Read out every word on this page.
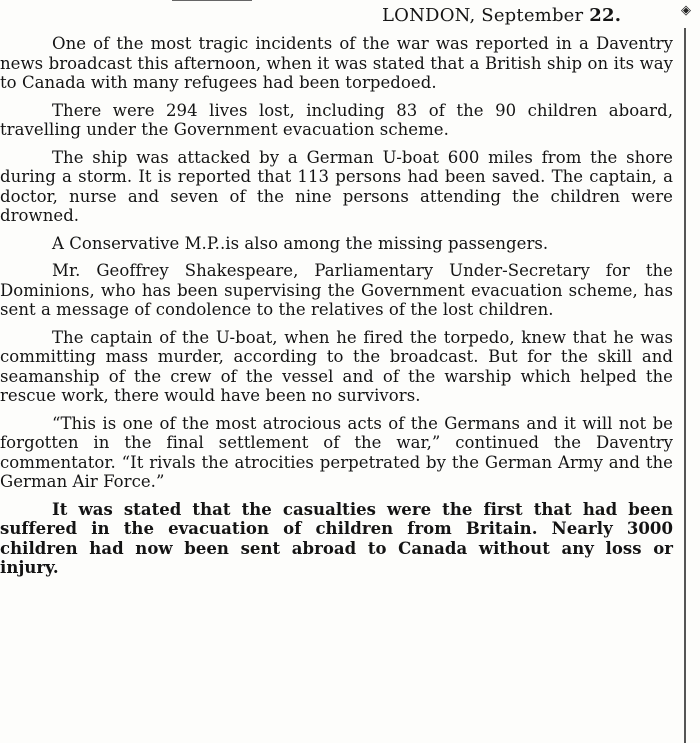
LONDON, September 22.	◈

One of the most tragic incidents of the war was reported in a Daventry news broadcast this afternoon, when it was stated that a British ship on its way to Canada with many refugees had been torpedoed.

There were 294 lives lost, including 83 of the 90 children aboard, travelling under the Government evacuation scheme.

The ship was attacked by a German U-boat 600 miles from the shore during a storm. It is reported that 113 persons had been saved. The captain, a doctor, nurse and seven of the nine persons attending the children were drowned.

A Conservative M.P..is also among the missing passengers.

Mr. Geoffrey Shakespeare, Parliamentary Under-Secretary for the Dominions, who has been supervising the Government evacuation scheme, has sent a message of condolence to the relatives of the lost children.

The captain of the U-boat, when he fired the torpedo, knew that he was committing mass murder, according to the broadcast. But for the skill and seamanship of the crew of the vessel and of the warship which helped the rescue work, there would have been no survivors.

“This is one of the most atrocious acts of the Germans and it will not be forgotten in the final settlement of the war,” continued the Daventry commentator. “It rivals the atrocities perpetrated by the German Army and the German Air Force.”

It was stated that the casualties were the first that had been suffered in the evacuation of children from Britain. Nearly 3000 children had now been sent abroad to Canada without any loss or injury.
